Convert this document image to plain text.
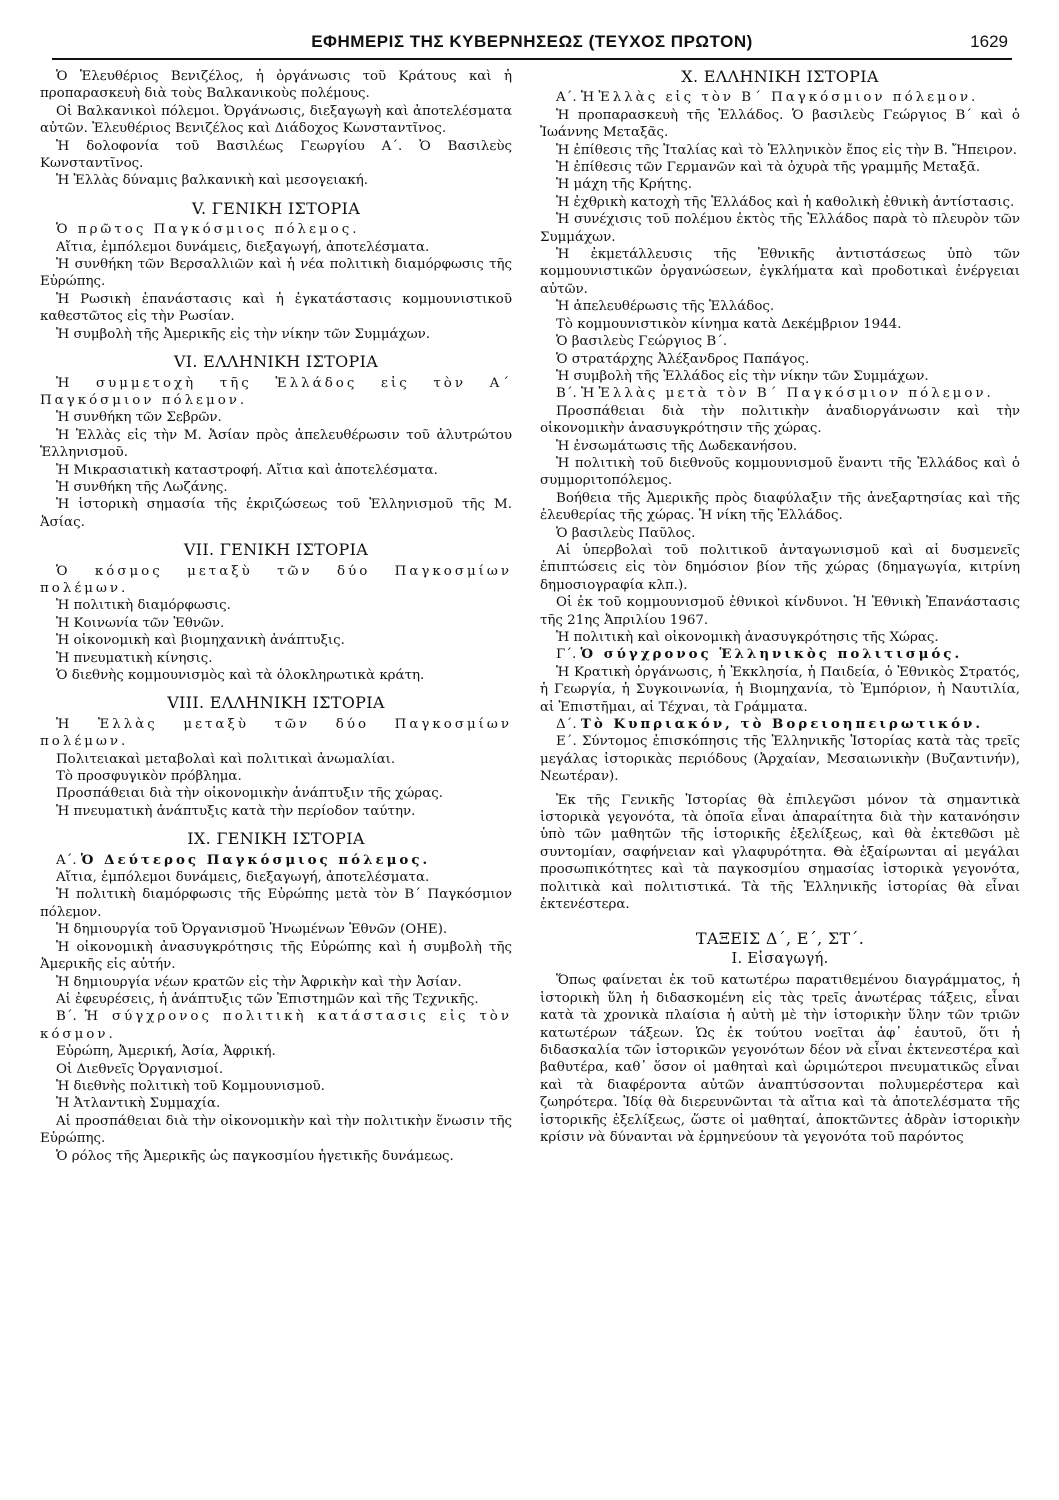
ΕΦΗΜΕΡΙΣ ΤΗΣ ΚΥΒΕΡΝΗΣΕΩΣ (ΤΕΥΧΟΣ ΠΡΩΤΟΝ)	1629

Ὁ Ἐλευθέριος Βενιζέλος, ἡ ὀργάνωσις τοῦ Κράτους καὶ ἡ προπαρασκευὴ διὰ τοὺς Βαλκανικοὺς πολέμους.

Οἱ Βαλκανικοὶ πόλεμοι. Ὀργάνωσις, διεξαγωγὴ καὶ ἀποτελέσματα αὐτῶν. Ἐλευθέριος Βενιζέλος καὶ Διάδοχος Κωνσταντῖνος.

Ἡ δολοφονία τοῦ Βασιλέως Γεωργίου Α΄. Ὁ Βασιλεὺς Κωνσταντῖνος.

Ἡ Ἑλλὰς δύναμις βαλκανικὴ καὶ μεσογειακή.

V. ΓΕΝΙΚΗ ΙΣΤΟΡΙΑ

Ὁ πρῶτος Παγκόσμιος πόλεμος.

Αἴτια, ἐμπόλεμοι δυνάμεις, διεξαγωγή, ἀποτελέσματα.

Ἡ συνθήκη τῶν Βερσαλλιῶν καὶ ἡ νέα πολιτικὴ διαμόρφωσις τῆς Εὐρώπης.

Ἡ Ρωσικὴ ἐπανάστασις καὶ ἡ ἐγκατάστασις κομμουνιστικοῦ καθεστῶτος εἰς τὴν Ρωσίαν.

Ἡ συμβολὴ τῆς Ἀμερικῆς εἰς τὴν νίκην τῶν Συμμάχων.

VI. ΕΛΛΗΝΙΚΗ ΙΣΤΟΡΙΑ

Ἡ συμμετοχὴ τῆς Ἑλλάδος εἰς τὸν Α΄ Παγκόσμιον πόλεμον.

Ἡ συνθήκη τῶν Σεβρῶν.

Ἡ Ἑλλὰς εἰς τὴν Μ. Ἀσίαν πρὸς ἀπελευθέρωσιν τοῦ ἀλυτρώτου Ἑλληνισμοῦ.

Ἡ Μικρασιατικὴ καταστροφή. Αἴτια καὶ ἀποτελέσματα.

Ἡ συνθήκη τῆς Λωζάνης.

Ἡ ἱστορικὴ σημασία τῆς ἐκριζώσεως τοῦ Ἑλληνισμοῦ τῆς Μ. Ἀσίας.

VII. ΓΕΝΙΚΗ ΙΣΤΟΡΙΑ

Ὁ κόσμος μεταξὺ τῶν δύο Παγκοσμίων πολέμων.

Ἡ πολιτικὴ διαμόρφωσις.

Ἡ Κοινωνία τῶν Ἐθνῶν.

Ἡ οἰκονομικὴ καὶ βιομηχανικὴ ἀνάπτυξις.

Ἡ πνευματικὴ κίνησις.

Ὁ διεθνὴς κομμουνισμὸς καὶ τὰ ὁλοκληρωτικὰ κράτη.

VIII. ΕΛΛΗΝΙΚΗ ΙΣΤΟΡΙΑ

Ἡ Ἑλλὰς μεταξὺ τῶν δύο Παγκοσμίων πολέμων.

Πολιτειακαὶ μεταβολαὶ καὶ πολιτικαὶ ἀνωμαλίαι.

Τὸ προσφυγικὸν πρόβλημα.

Προσπάθειαι διὰ τὴν οἰκονομικὴν ἀνάπτυξιν τῆς χώρας.

Ἡ πνευματικὴ ἀνάπτυξις κατὰ τὴν περίοδον ταύτην.

IX. ΓΕΝΙΚΗ ΙΣΤΟΡΙΑ

Α΄. Ὁ Δεύτερος Παγκόσμιος πόλεμος.

Αἴτια, ἐμπόλεμοι δυνάμεις, διεξαγωγή, ἀποτελέσματα.

Ἡ πολιτικὴ διαμόρφωσις τῆς Εὐρώπης μετὰ τὸν Β΄ Παγκόσμιον πόλεμον.

Ἡ δημιουργία τοῦ Ὀργανισμοῦ Ἡνωμένων Ἐθνῶν (ΟΗΕ).

Ἡ οἰκονομικὴ ἀνασυγκρότησις τῆς Εὐρώπης καὶ ἡ συμβολὴ τῆς Ἀμερικῆς εἰς αὐτήν.

Ἡ δημιουργία νέων κρατῶν εἰς τὴν Ἀφρικὴν καὶ τὴν Ἀσίαν.

Αἱ ἐφευρέσεις, ἡ ἀνάπτυξις τῶν Ἐπιστημῶν καὶ τῆς Τεχνικῆς.

Β΄. Ἡ σύγχρονος πολιτικὴ κατάστασις εἰς τὸν κόσμον.

Εὐρώπη, Ἀμερική, Ἀσία, Ἀφρική.

Οἱ Διεθνεῖς Ὀργανισμοί.

Ἡ διεθνὴς πολιτικὴ τοῦ Κομμουνισμοῦ.

Ἡ Ἀτλαντικὴ Συμμαχία.

Αἱ προσπάθειαι διὰ τὴν οἰκονομικὴν καὶ τὴν πολιτικὴν ἕνωσιν τῆς Εὐρώπης.

Ὁ ρόλος τῆς Ἀμερικῆς ὡς παγκοσμίου ἡγετικῆς δυνάμεως.

X. ΕΛΛΗΝΙΚΗ ΙΣΤΟΡΙΑ

Α΄. Ἡ Ἑλλὰς εἰς τὸν Β΄ Παγκόσμιον πόλεμον.

Ἡ προπαρασκευὴ τῆς Ἑλλάδος. Ὁ βασιλεὺς Γεώργιος Β΄ καὶ ὁ Ἰωάννης Μεταξᾶς.

Ἡ ἐπίθεσις τῆς Ἰταλίας καὶ τὸ Ἑλληνικὸν ἔπος εἰς τὴν Β. Ἤπειρον.

Ἡ ἐπίθεσις τῶν Γερμανῶν καὶ τὰ ὀχυρὰ τῆς γραμμῆς Μεταξᾶ.

Ἡ μάχη τῆς Κρήτης.

Ἡ ἐχθρικὴ κατοχὴ τῆς Ἑλλάδος καὶ ἡ καθολικὴ ἐθνικὴ ἀντίστασις.

Ἡ συνέχισις τοῦ πολέμου ἐκτὸς τῆς Ἑλλάδος παρὰ τὸ πλευρὸν τῶν Συμμάχων.

Ἡ ἐκμετάλλευσις τῆς Ἐθνικῆς ἀντιστάσεως ὑπὸ τῶν κομμουνιστικῶν ὀργανώσεων, ἐγκλήματα καὶ προδοτικαὶ ἐνέργειαι αὐτῶν.

Ἡ ἀπελευθέρωσις τῆς Ἑλλάδος.

Τὸ κομμουνιστικὸν κίνημα κατὰ Δεκέμβριον 1944.

Ὁ βασιλεὺς Γεώργιος Β΄.

Ὁ στρατάρχης Ἀλέξανδρος Παπάγος.

Ἡ συμβολὴ τῆς Ἑλλάδος εἰς τὴν νίκην τῶν Συμμάχων.

Β΄. Ἡ Ἑλλὰς μετὰ τὸν Β΄ Παγκόσμιον πόλεμον.

Προσπάθειαι διὰ τὴν πολιτικὴν ἀναδιοργάνωσιν καὶ τὴν οἰκονομικὴν ἀνασυγκρότησιν τῆς χώρας.

Ἡ ἐνσωμάτωσις τῆς Δωδεκανήσου.

Ἡ πολιτικὴ τοῦ διεθνοῦς κομμουνισμοῦ ἔναντι τῆς Ἑλλάδος καὶ ὁ συμμοριτοπόλεμος.

Βοήθεια τῆς Ἀμερικῆς πρὸς διαφύλαξιν τῆς ἀνεξαρτησίας καὶ τῆς ἐλευθερίας τῆς χώρας. Ἡ νίκη τῆς Ἑλλάδος.

Ὁ βασιλεὺς Παῦλος.

Αἱ ὑπερβολαὶ τοῦ πολιτικοῦ ἀνταγωνισμοῦ καὶ αἱ δυσμενεῖς ἐπιπτώσεις εἰς τὸν δημόσιον βίον τῆς χώρας (δημαγωγία, κιτρίνη δημοσιογραφία κλπ.).

Οἱ ἐκ τοῦ κομμουνισμοῦ ἐθνικοὶ κίνδυνοι. Ἡ Ἐθνικὴ Ἐπανάστασις τῆς 21ης Ἀπριλίου 1967.

Ἡ πολιτικὴ καὶ οἰκονομικὴ ἀνασυγκρότησις τῆς Χώρας.

Γ΄. Ὁ σύγχρονος Ἑλληνικὸς πολιτισμός.

Ἡ Κρατικὴ ὀργάνωσις, ἡ Ἐκκλησία, ἡ Παιδεία, ὁ Ἐθνικὸς Στρατός, ἡ Γεωργία, ἡ Συγκοινωνία, ἡ Βιομηχανία, τὸ Ἐμπόριον, ἡ Ναυτιλία, αἱ Ἐπιστῆμαι, αἱ Τέχναι, τὰ Γράμματα.

Δ΄. Τὸ Κυπριακόν, τὸ Βορειοηπειρωτικόν.

Ε΄. Σύντομος ἐπισκόπησις τῆς Ἑλληνικῆς Ἱστορίας κατὰ τὰς τρεῖς μεγάλας ἱστορικὰς περιόδους (Ἀρχαίαν, Μεσαιωνικὴν (Βυζαντινήν), Νεωτέραν).

Ἐκ τῆς Γενικῆς Ἱστορίας θὰ ἐπιλεγῶσι μόνον τὰ σημαντικὰ ἱστορικὰ γεγονότα, τὰ ὁποῖα εἶναι ἀπαραίτητα διὰ τὴν κατανόησιν ὑπὸ τῶν μαθητῶν τῆς ἱστορικῆς ἐξελίξεως, καὶ θὰ ἐκτεθῶσι μὲ συντομίαν, σαφήνειαν καὶ γλαφυρότητα. Θὰ ἐξαίρωνται αἱ μεγάλαι προσωπικότητες καὶ τὰ παγκοσμίου σημασίας ἱστορικὰ γεγονότα, πολιτικὰ καὶ πολιτιστικά. Τὰ τῆς Ἑλληνικῆς ἱστορίας θὰ εἶναι ἐκτενέστερα.

ΤΑΞΕΙΣ Δ΄, Ε΄, ΣΤ΄.
I. Εἰσαγωγή.

Ὅπως φαίνεται ἐκ τοῦ κατωτέρω παρατιθεμένου διαγράμματος, ἡ ἱστορικὴ ὕλη ἡ διδασκομένη εἰς τὰς τρεῖς ἀνωτέρας τάξεις, εἶναι κατὰ τὰ χρονικὰ πλαίσια ἡ αὐτὴ μὲ τὴν ἱστορικὴν ὕλην τῶν τριῶν κατωτέρων τάξεων. Ὡς ἐκ τούτου νοεῖται ἀφ᾿ ἑαυτοῦ, ὅτι ἡ διδασκαλία τῶν ἱστορικῶν γεγονότων δέον νὰ εἶναι ἐκτενεστέρα καὶ βαθυτέρα, καθ᾿ ὅσον οἱ μαθηταὶ καὶ ὡριμώτεροι πνευματικῶς εἶναι καὶ τὰ διαφέροντα αὐτῶν ἀναπτύσσονται πολυμερέστερα καὶ ζωηρότερα. Ἰδίᾳ θὰ διερευνῶνται τὰ αἴτια καὶ τὰ ἀποτελέσματα τῆς ἱστορικῆς ἐξελίξεως, ὥστε οἱ μαθηταί, ἀποκτῶντες ἁδρὰν ἱστορικὴν κρίσιν νὰ δύνανται νὰ ἑρμηνεύουν τὰ γεγονότα τοῦ παρόντος
